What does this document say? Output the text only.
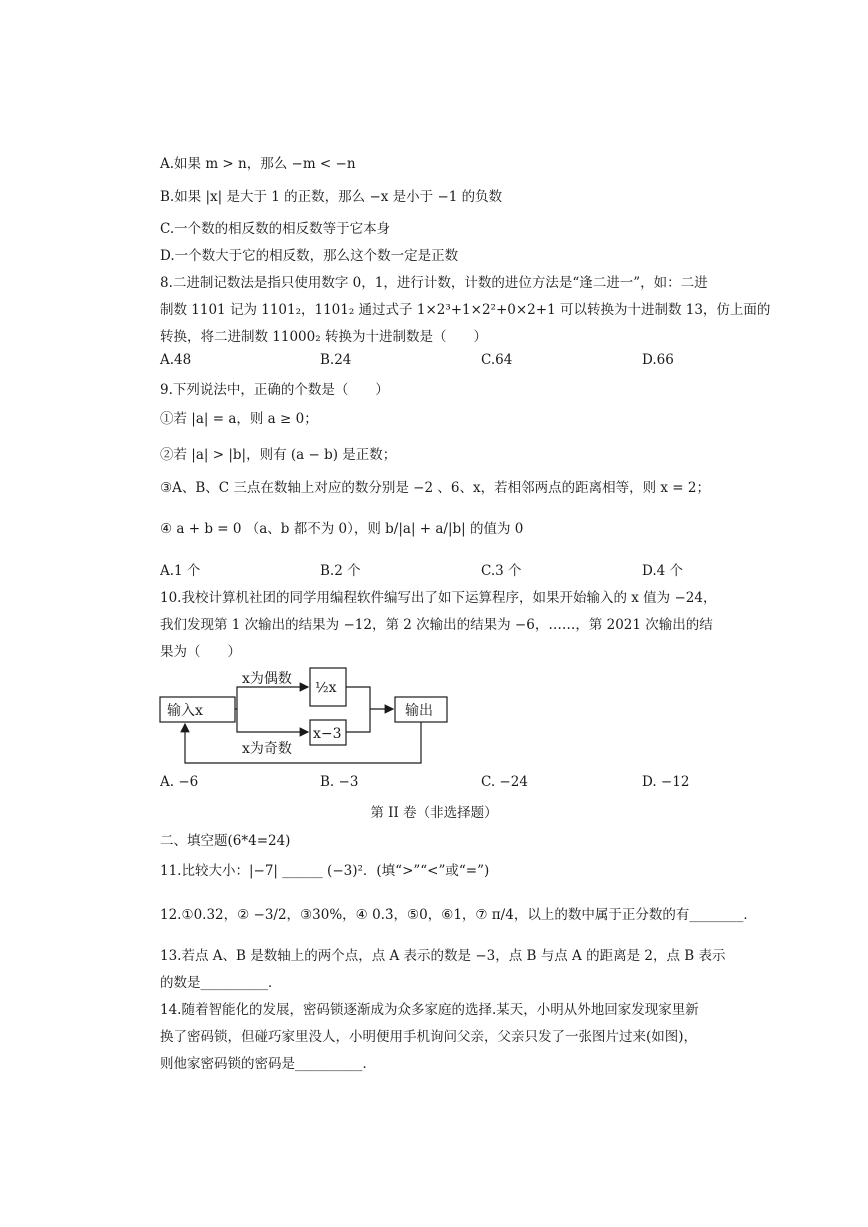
A.如果 m > n，那么 −m < −n
B.如果 |x| 是大于 1 的正数，那么 −x 是小于 −1 的负数
C.一个数的相反数的相反数等于它本身
D.一个数大于它的相反数，那么这个数一定是正数
8.二进制记数法是指只使用数字 0，1，进行计数，计数的进位方法是“逢二进一”，如：二进
制数 1101 记为 1101₂，1101₂ 通过式子 1×2³+1×2²+0×2+1 可以转换为十进制数 13，仿上面的
转换，将二进制数 11000₂ 转换为十进制数是（　　）
A.48	B.24	C.64	D.66
9.下列说法中，正确的个数是（　　）
①若 |a| = a，则 a ≥ 0；
②若 |a| > |b|，则有 (a − b) 是正数；
③A、B、C 三点在数轴上对应的数分别是 −2 、6、x，若相邻两点的距离相等，则 x = 2；
④ a + b = 0 （a、b 都不为 0），则 b/|a| + a/|b| 的值为 0
A.1 个	B.2 个	C.3 个	D.4 个
10.我校计算机社团的同学用编程软件编写出了如下运算程序，如果开始输入的 x 值为 −24，
我们发现第 1 次输出的结果为 −12，第 2 次输出的结果为 −6，……，第 2021 次输出的结
果为（　　）
输入x
x为偶数
x为奇数
½x
x−3
输出
A. −6	B. −3	C. −24	D. −12
第 II 卷（非选择题）
二、填空题(6*4=24)
11.比较大小：|−7| ______ (−3)²．(填“>”“<”或“=”)
12.①0.32，② −3/2，③30%，④ 0.3̇，⑤0，⑥1，⑦ π/4，以上的数中属于正分数的有________．
13.若点 A、B 是数轴上的两个点，点 A 表示的数是 −3，点 B 与点 A 的距离是 2，点 B 表示
的数是__________．
14.随着智能化的发展，密码锁逐渐成为众多家庭的选择.某天，小明从外地回家发现家里新
换了密码锁，但碰巧家里没人，小明便用手机询问父亲，父亲只发了一张图片过来(如图)，
则他家密码锁的密码是__________．
